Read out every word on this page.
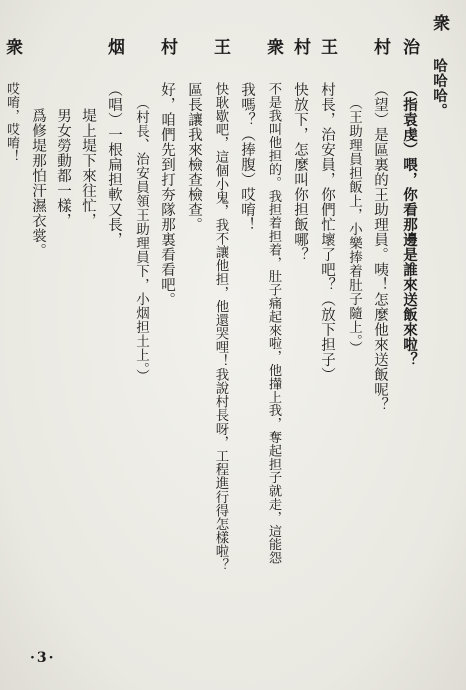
衆
哈哈哈。
治
（指袁虔）喂，你看那邊是誰來送飯來啦？
村
（望）是區裏的王助理員。咦！怎麼他來送飯呢？
（王助理員担飯上，小樂捧着肚子隨上。）
王
村長，治安員，你們忙壞了吧？（放下担子）
村
快放下，怎麼叫你担飯哪？
衆
不是我叫他担的。我担着担着，肚子痛起來啦，他攆上我，奪起担子就走，這能怨
我嗎？（捧腹）哎唷！
王
快耿歇吧，這個小鬼，我不讓他担，他還哭哩！我說村長呀，工程進行得怎樣啦？
區長讓我來檢查檢查。
村
好，咱們先到打夯隊那裏看看吧。
（村長、治安員領王助理員下，小烟担土上。）
烟
（唱）一根扁担軟又長，
堤上堤下來往忙，
男女勞動都一樣，
爲修堤那怕汗濕衣裳。
衆
哎唷，哎唷！
·3·
